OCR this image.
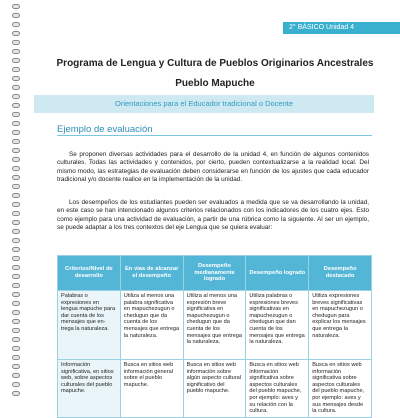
2° BÁSICO Unidad 4
Programa de Lengua y Cultura de Pueblos Originarios Ancestrales
Pueblo Mapuche
Orientaciones para el Educador tradicional o Docente
Ejemplo de evaluación
Se proponen diversas actividades para el desarrollo de la unidad 4, en función de algunos contenidos culturales. Todas las actividades y contenidos, por cierto, pueden contextualizarse a la realidad local. Del mismo modo, las estrategias de evaluación deben considerarse en función de los ajustes que cada educador tradicional y/o docente realice en la implementación de la unidad.
Los desempeños de los estudiantes pueden ser evaluados a medida que se va desarrollando la unidad, en este caso se han intencionado algunos criterios relacionados con los indicadores de los cuatro ejes. Esto como ejemplo para una actividad de evaluación, a partir de una rúbrica como la siguiente. Al ser un ejemplo, se puede adaptar a los tres contextos del eje Lengua que se quiera evaluar:
Criterios/Nivel de desarrollo	En vías de alcanzar el desempeño	Desempeño medianamente logrado	Desempeño logrado	Desempeño destacado
Palabras o expresiones en lengua mapuche para dar cuenta de los mensajes que en- trega la naturaleza.	Utiliza al menos una palabra significativa en mapuchezugun o chedugun que da cuenta de los mensajes que entrega la naturaleza.	Utiliza al menos una expresión breve significativa en mapuchezugun o chedugun que da cuenta de los mensajes que entrega la naturaleza.	Utiliza palabras o expresiones breves significativas en mapuchezugun o chedugun que dan cuenta de los mensajes que entrega la naturaleza.	Utiliza expresiones breves significativas en mapuchezugun o chedugun para explicar los mensajes que entrega la naturaleza.
Información significativa, en sitios web, sobre aspectos culturales del pueblo mapuche.	Busca en sitios web información general sobre el pueblo mapuche.	Busca en sitios web información sobre algún aspecto cultural significativo del pueblo mapuche.	Busca en sitios web información significativa sobre aspectos culturales del pueblo mapuche, por ejemplo: aves y su relación con la cultura.	Busca en sitios web información significativa sobre aspectos culturales del pueblo mapuche, por ejemplo: aves y sus mensajes desde la cultura.
